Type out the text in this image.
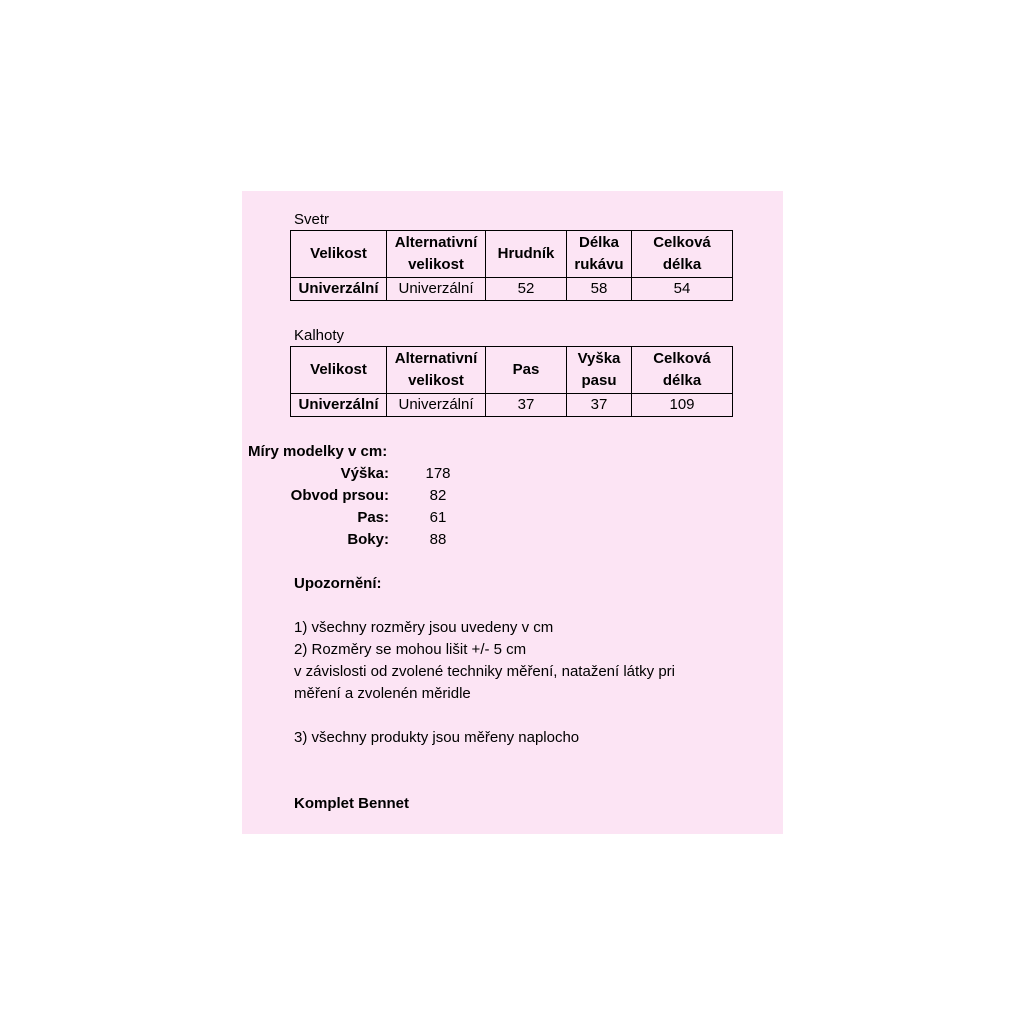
Svetr
Velikost	Alternativní velikost	Hrudník	Délka rukávu	Celková délka
Univerzální	Univerzální	52	58	54
Kalhoty
Velikost	Alternativní velikost	Pas	Vyška pasu	Celková délka
Univerzální	Univerzální	37	37	109
Míry modelky v cm:
Výška:	178
Obvod prsou:	82
Pas:	61
Boky:	88
Upozornění:
1) všechny rozměry jsou uvedeny v cm
2) Rozměry se mohou lišit +/- 5 cm
v závislosti od zvolené techniky měření, natažení látky pri
měření a zvolenén měridle
3) všechny produkty jsou měřeny naplocho
Komplet Bennet
